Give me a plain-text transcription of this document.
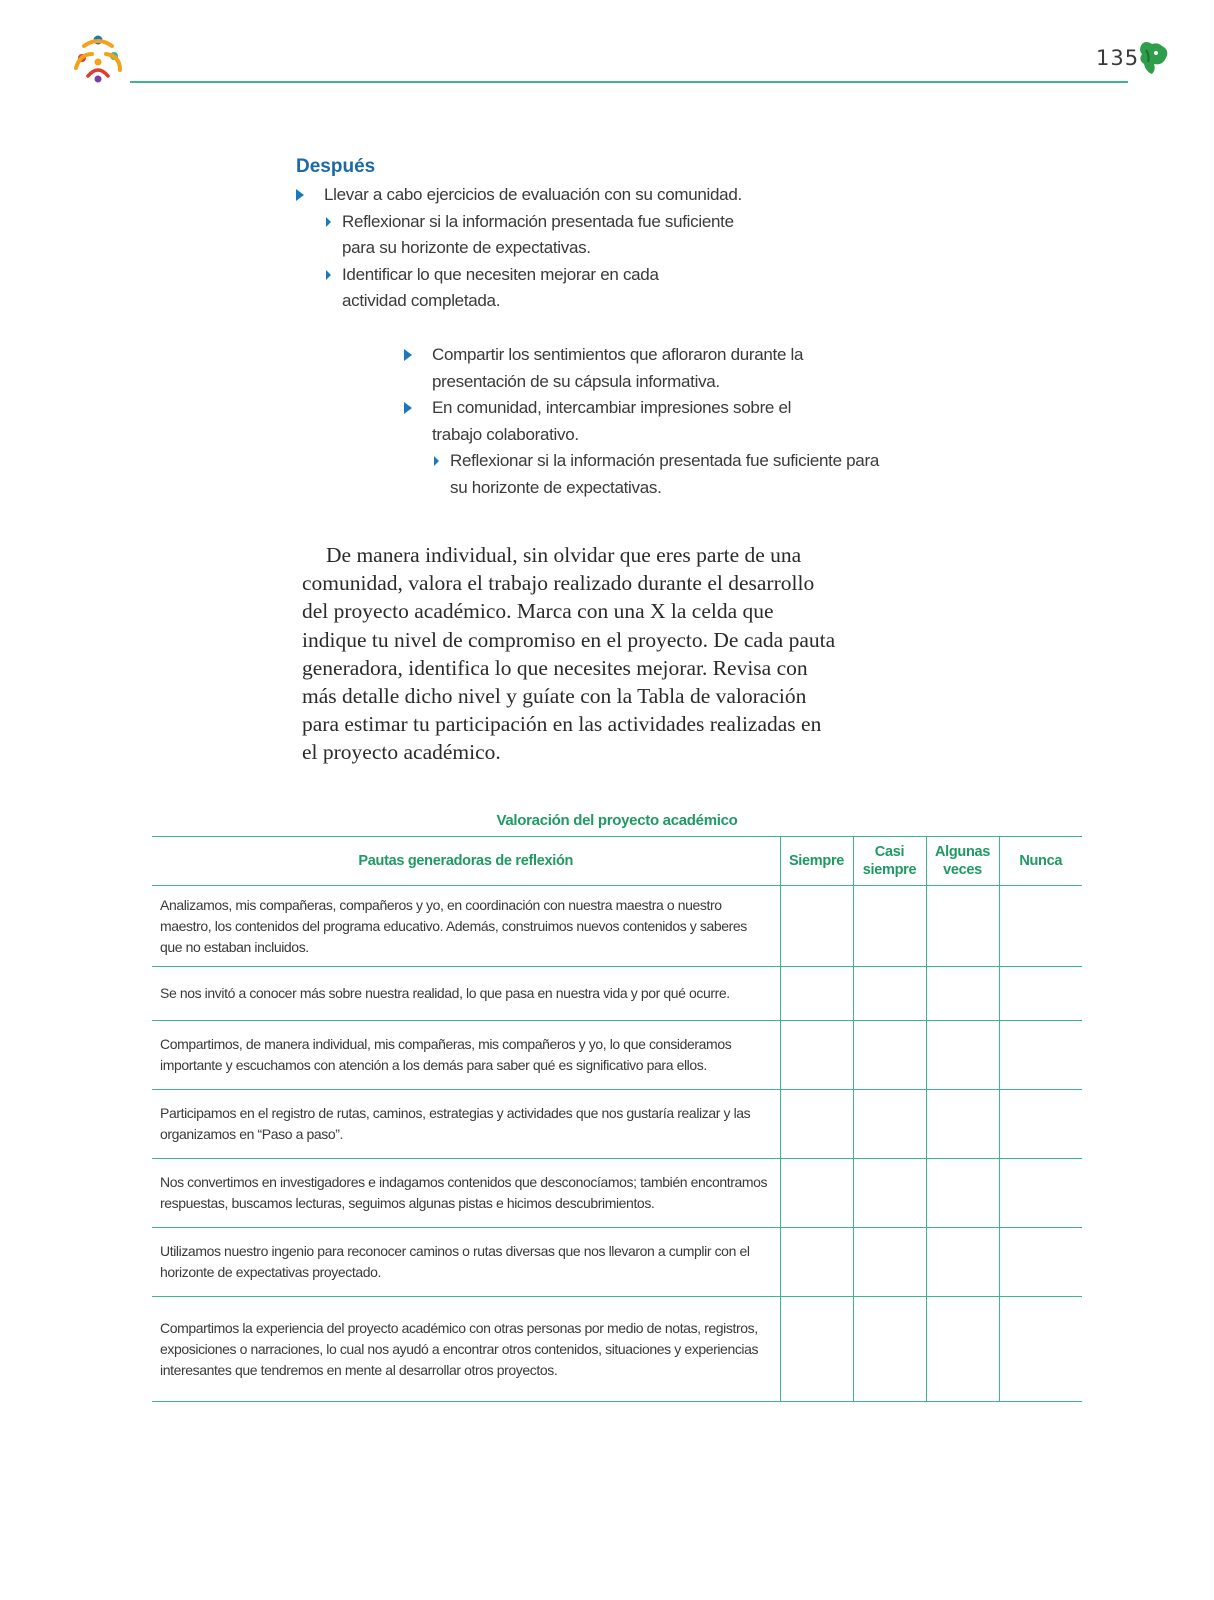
135
Después
Llevar a cabo ejercicios de evaluación con su comunidad.
Reflexionar si la información presentada fue suficiente para su horizonte de expectativas.
Identificar lo que necesiten mejorar en cada actividad completada.
Compartir los sentimientos que afloraron durante la presentación de su cápsula informativa.
En comunidad, intercambiar impresiones sobre el trabajo colaborativo.
Reflexionar si la información presentada fue suficiente para su horizonte de expectativas.
De manera individual, sin olvidar que eres parte de una comunidad, valora el trabajo realizado durante el desarrollo del proyecto académico. Marca con una X la celda que indique tu nivel de compromiso en el proyecto. De cada pauta generadora, identifica lo que necesites mejorar. Revisa con más detalle dicho nivel y guíate con la Tabla de valoración para estimar tu participación en las actividades realizadas en el proyecto académico.
Valoración del proyecto académico
Pautas generadoras de reflexión	Siempre	Casi siempre	Algunas veces	Nunca
Analizamos, mis compañeras, compañeros y yo, en coordinación con nuestra maestra o nuestro maestro, los contenidos del programa educativo. Además, construimos nuevos contenidos y saberes que no estaban incluidos.				
Se nos invitó a conocer más sobre nuestra realidad, lo que pasa en nuestra vida y por qué ocurre.				
Compartimos, de manera individual, mis compañeras, mis compañeros y yo, lo que consideramos importante y escuchamos con atención a los demás para saber qué es significativo para ellos.				
Participamos en el registro de rutas, caminos, estrategias y actividades que nos gustaría realizar y las organizamos en “Paso a paso”.				
Nos convertimos en investigadores e indagamos contenidos que desconocíamos; también encontramos respuestas, buscamos lecturas, seguimos algunas pistas e hicimos descubrimientos.				
Utilizamos nuestro ingenio para reconocer caminos o rutas diversas que nos llevaron a cumplir con el horizonte de expectativas proyectado.				
Compartimos la experiencia del proyecto académico con otras personas por medio de notas, registros, exposiciones o narraciones, lo cual nos ayudó a encontrar otros contenidos, situaciones y experiencias interesantes que tendremos en mente al desarrollar otros proyectos.				
